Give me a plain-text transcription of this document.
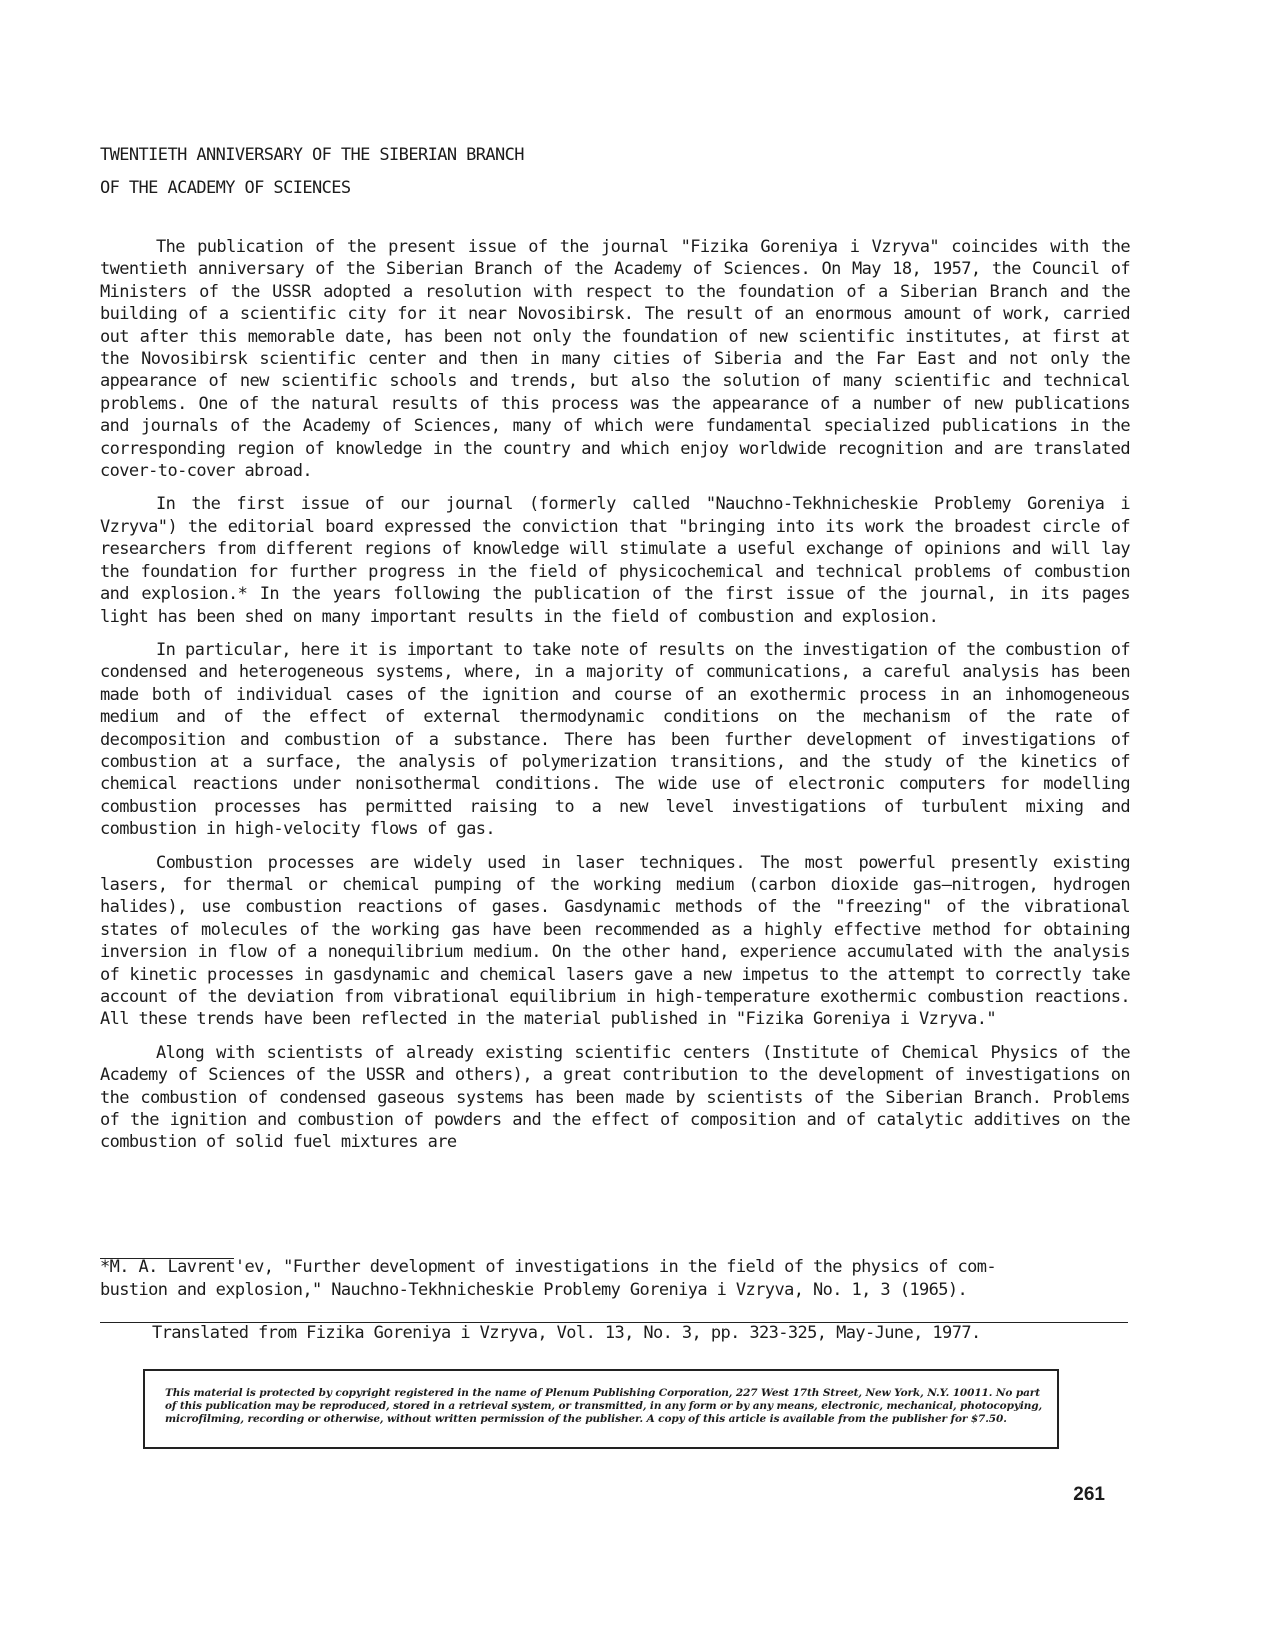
TWENTIETH ANNIVERSARY OF THE SIBERIAN BRANCH
OF THE ACADEMY OF SCIENCES

The publication of the present issue of the journal "Fizika Goreniya i Vzryva" coincides with the twentieth anniversary of the Siberian Branch of the Academy of Sciences. On May 18, 1957, the Council of Ministers of the USSR adopted a resolution with respect to the foundation of a Siberian Branch and the building of a scientific city for it near Novosibirsk. The result of an enormous amount of work, carried out after this memorable date, has been not only the foundation of new scientific institutes, at first at the Novosibirsk scientific center and then in many cities of Siberia and the Far East and not only the appearance of new scientific schools and trends, but also the solution of many scientific and technical problems. One of the natural results of this process was the appearance of a number of new publications and journals of the Academy of Sciences, many of which were fundamental specialized publications in the corresponding region of knowledge in the country and which enjoy worldwide recognition and are translated cover-to-cover abroad.

In the first issue of our journal (formerly called "Nauchno-Tekhnicheskie Problemy Goreniya i Vzryva") the editorial board expressed the conviction that "bringing into its work the broadest circle of researchers from different regions of knowledge will stimulate a useful exchange of opinions and will lay the foundation for further progress in the field of physicochemical and technical problems of combustion and explosion.* In the years following the publication of the first issue of the journal, in its pages light has been shed on many important results in the field of combustion and explosion.

In particular, here it is important to take note of results on the investigation of the combustion of condensed and heterogeneous systems, where, in a majority of communications, a careful analysis has been made both of individual cases of the ignition and course of an exothermic process in an inhomogeneous medium and of the effect of external thermodynamic conditions on the mechanism of the rate of decomposition and combustion of a substance. There has been further development of investigations of combustion at a surface, the analysis of polymerization transitions, and the study of the kinetics of chemical reactions under nonisothermal conditions. The wide use of electronic computers for modelling combustion processes has permitted raising to a new level investigations of turbulent mixing and combustion in high-velocity flows of gas.

Combustion processes are widely used in laser techniques. The most powerful presently existing lasers, for thermal or chemical pumping of the working medium (carbon dioxide gas—nitrogen, hydrogen halides), use combustion reactions of gases. Gasdynamic methods of the "freezing" of the vibrational states of molecules of the working gas have been recommended as a highly effective method for obtaining inversion in flow of a nonequilibrium medium. On the other hand, experience accumulated with the analysis of kinetic processes in gasdynamic and chemical lasers gave a new impetus to the attempt to correctly take account of the deviation from vibrational equilibrium in high-temperature exothermic combustion reactions. All these trends have been reflected in the material published in "Fizika Goreniya i Vzryva."

Along with scientists of already existing scientific centers (Institute of Chemical Physics of the Academy of Sciences of the USSR and others), a great contribution to the development of investigations on the combustion of condensed gaseous systems has been made by scientists of the Siberian Branch. Problems of the ignition and combustion of powders and the effect of composition and of catalytic additives on the combustion of solid fuel mixtures are

*M. A. Lavrent'ev, "Further development of investigations in the field of the physics of com-
bustion and explosion," Nauchno-Tekhnicheskie Problemy Goreniya i Vzryva, No. 1, 3 (1965).
Translated from Fizika Goreniya i Vzryva, Vol. 13, No. 3, pp. 323-325, May-June, 1977.
This material is protected by copyright registered in the name of Plenum Publishing Corporation, 227 West 17th Street, New York, N.Y. 10011. No part of this publication may be reproduced, stored in a retrieval system, or transmitted, in any form or by any means, electronic, mechanical, photocopying, microfilming, recording or otherwise, without written permission of the publisher. A copy of this article is available from the publisher for $7.50.
261
